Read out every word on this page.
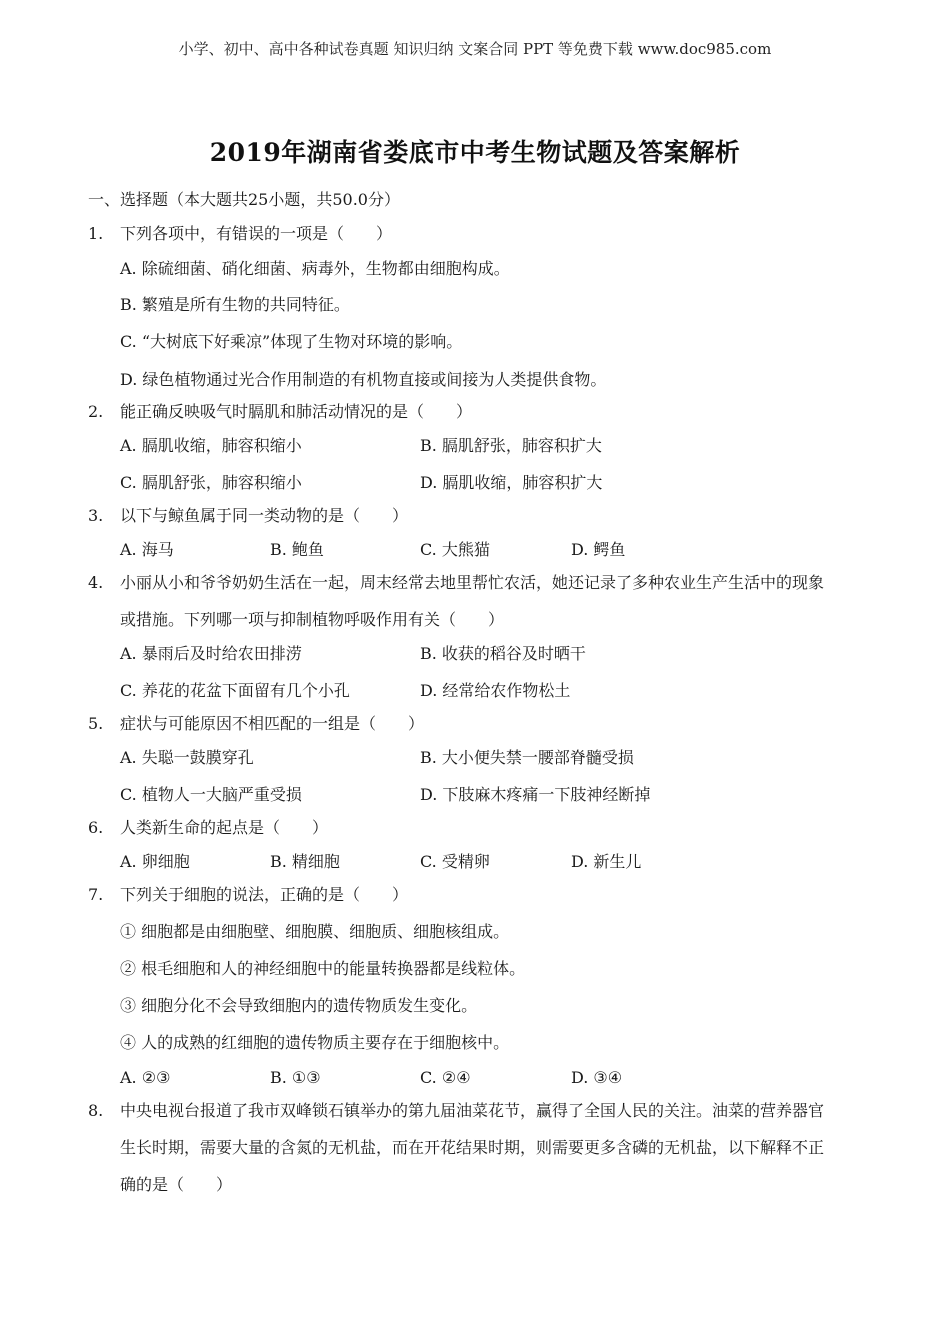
小学、初中、高中各种试卷真题 知识归纳 文案合同 PPT 等免费下载 www.doc985.com
2019年湖南省娄底市中考生物试题及答案解析
一、选择题（本大题共25小题，共50.0分）
1. 下列各项中，有错误的一项是（　　）
A. 除硫细菌、硝化细菌、病毒外，生物都由细胞构成。
B. 繁殖是所有生物的共同特征。
C. “大树底下好乘凉”体现了生物对环境的影响。
D. 绿色植物通过光合作用制造的有机物直接或间接为人类提供食物。
2. 能正确反映吸气时膈肌和肺活动情况的是（　　）
A. 膈肌收缩，肺容积缩小	B. 膈肌舒张，肺容积扩大
C. 膈肌舒张，肺容积缩小	D. 膈肌收缩，肺容积扩大
3. 以下与鲸鱼属于同一类动物的是（　　）
A. 海马	B. 鲍鱼	C. 大熊猫	D. 鳄鱼
4. 小丽从小和爷爷奶奶生活在一起，周末经常去地里帮忙农活，她还记录了多种农业生产生活中的现象
或措施。下列哪一项与抑制植物呼吸作用有关（　　）
A. 暴雨后及时给农田排涝	B. 收获的稻谷及时晒干
C. 养花的花盆下面留有几个小孔	D. 经常给农作物松土
5. 症状与可能原因不相匹配的一组是（　　）
A. 失聪一鼓膜穿孔	B. 大小便失禁一腰部脊髓受损
C. 植物人一大脑严重受损	D. 下肢麻木疼痛一下肢神经断掉
6. 人类新生命的起点是（　　）
A. 卵细胞	B. 精细胞	C. 受精卵	D. 新生儿
7. 下列关于细胞的说法，正确的是（　　）
① 细胞都是由细胞壁、细胞膜、细胞质、细胞核组成。
② 根毛细胞和人的神经细胞中的能量转换器都是线粒体。
③ 细胞分化不会导致细胞内的遗传物质发生变化。
④ 人的成熟的红细胞的遗传物质主要存在于细胞核中。
A. ②③	B. ①③	C. ②④	D. ③④
8. 中央电视台报道了我市双峰锁石镇举办的第九届油菜花节，赢得了全国人民的关注。油菜的营养器官
生长时期，需要大量的含氮的无机盐，而在开花结果时期，则需要更多含磷的无机盐，以下解释不正
确的是（　　）
